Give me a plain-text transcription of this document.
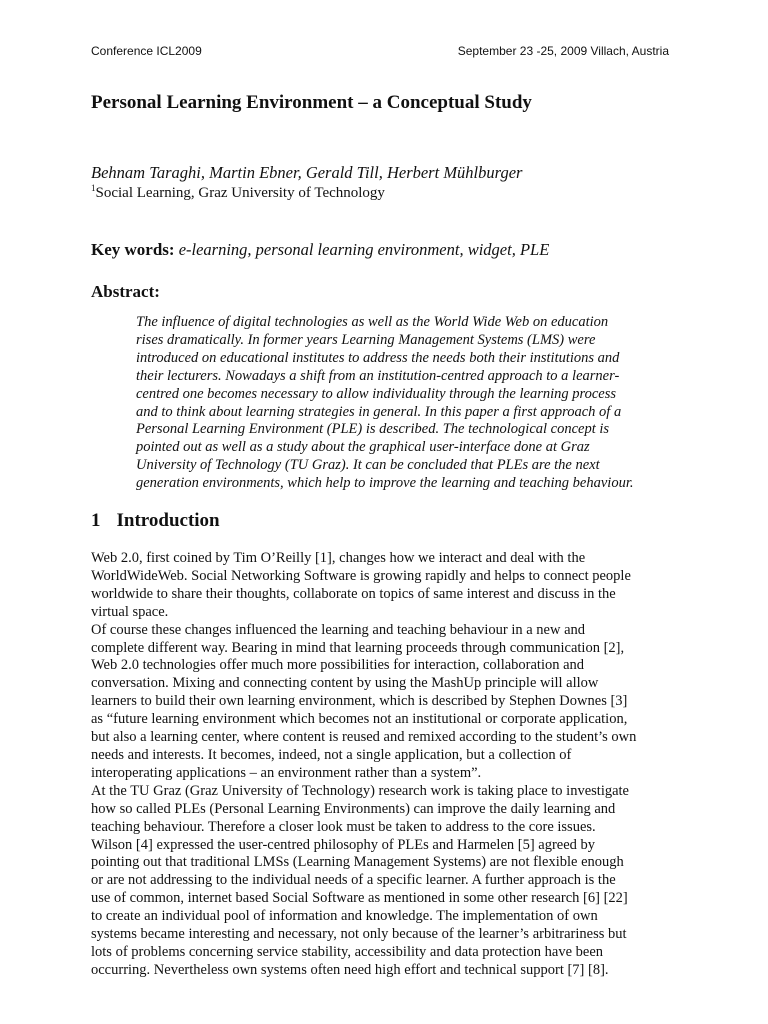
Conference ICL2009	September 23 -25, 2009 Villach, Austria
Personal Learning Environment – a Conceptual Study
Behnam Taraghi, Martin Ebner, Gerald Till, Herbert Mühlburger
$^1$Social Learning, Graz University of Technology
Key words: e-learning, personal learning environment, widget, PLE
Abstract:
The influence of digital technologies as well as the World Wide Web on education
rises dramatically. In former years Learning Management Systems (LMS) were
introduced on educational institutes to address the needs both their institutions and
their lecturers. Nowadays a shift from an institution-centred approach to a learner-
centred one becomes necessary to allow individuality through the learning process
and to think about learning strategies in general. In this paper a first approach of a
Personal Learning Environment (PLE) is described. The technological concept is
pointed out as well as a study about the graphical user-interface done at Graz
University of Technology (TU Graz). It can be concluded that PLEs are the next
generation environments, which help to improve the learning and teaching behaviour.
1 Introduction
Web 2.0, first coined by Tim O’Reilly [1], changes how we interact and deal with the
WorldWideWeb. Social Networking Software is growing rapidly and helps to connect people
worldwide to share their thoughts, collaborate on topics of same interest and discuss in the
virtual space.
Of course these changes influenced the learning and teaching behaviour in a new and
complete different way. Bearing in mind that learning proceeds through communication [2],
Web 2.0 technologies offer much more possibilities for interaction, collaboration and
conversation. Mixing and connecting content by using the MashUp principle will allow
learners to build their own learning environment, which is described by Stephen Downes [3]
as “future learning environment which becomes not an institutional or corporate application,
but also a learning center, where content is reused and remixed according to the student’s own
needs and interests. It becomes, indeed, not a single application, but a collection of
interoperating applications – an environment rather than a system”.
At the TU Graz (Graz University of Technology) research work is taking place to investigate
how so called PLEs (Personal Learning Environments) can improve the daily learning and
teaching behaviour. Therefore a closer look must be taken to address to the core issues.
Wilson [4] expressed the user-centred philosophy of PLEs and Harmelen [5] agreed by
pointing out that traditional LMSs (Learning Management Systems) are not flexible enough
or are not addressing to the individual needs of a specific learner. A further approach is the
use of common, internet based Social Software as mentioned in some other research [6] [22]
to create an individual pool of information and knowledge. The implementation of own
systems became interesting and necessary, not only because of the learner’s arbitrariness but
lots of problems concerning service stability, accessibility and data protection have been
occurring. Nevertheless own systems often need high effort and technical support [7] [8].
